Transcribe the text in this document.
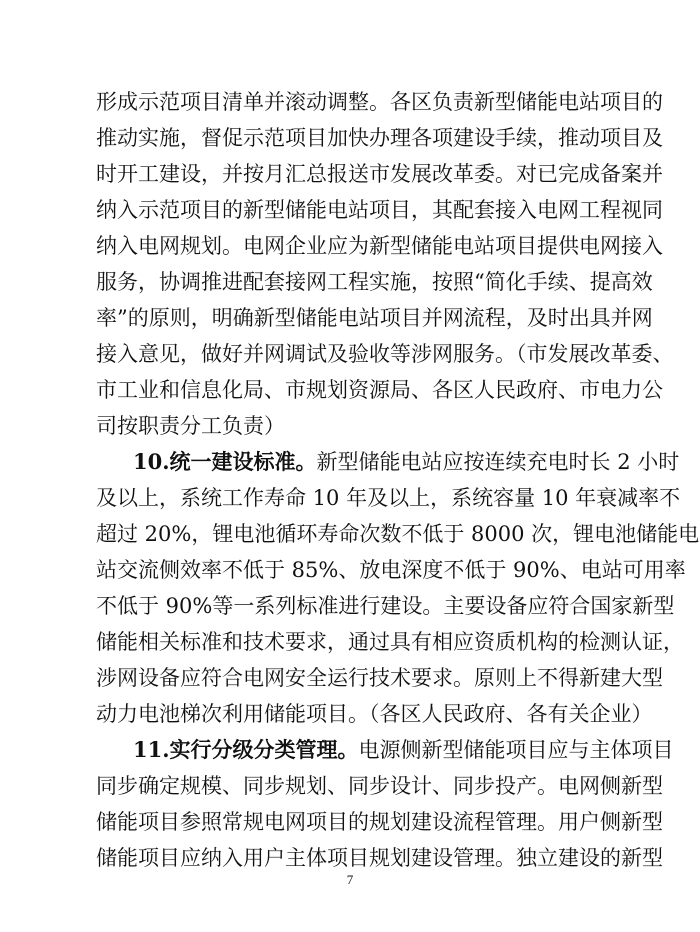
形成示范项目清单并滚动调整。各区负责新型储能电站项目的
推动实施，督促示范项目加快办理各项建设手续，推动项目及
时开工建设，并按月汇总报送市发展改革委。对已完成备案并
纳入示范项目的新型储能电站项目，其配套接入电网工程视同
纳入电网规划。电网企业应为新型储能电站项目提供电网接入
服务，协调推进配套接网工程实施，按照“简化手续、提高效
率”的原则，明确新型储能电站项目并网流程，及时出具并网
接入意见，做好并网调试及验收等涉网服务。（市发展改革委、
市工业和信息化局、市规划资源局、各区人民政府、市电力公
司按职责分工负责）
10.统一建设标准。新型储能电站应按连续充电时长 2 小时
及以上，系统工作寿命 10 年及以上，系统容量 10 年衰减率不
超过 20%，锂电池循环寿命次数不低于 8000 次，锂电池储能电
站交流侧效率不低于 85%、放电深度不低于 90%、电站可用率
不低于 90%等一系列标准进行建设。主要设备应符合国家新型
储能相关标准和技术要求，通过具有相应资质机构的检测认证，
涉网设备应符合电网安全运行技术要求。原则上不得新建大型
动力电池梯次利用储能项目。（各区人民政府、各有关企业）
11.实行分级分类管理。电源侧新型储能项目应与主体项目
同步确定规模、同步规划、同步设计、同步投产。电网侧新型
储能项目参照常规电网项目的规划建设流程管理。用户侧新型
储能项目应纳入用户主体项目规划建设管理。独立建设的新型
7
